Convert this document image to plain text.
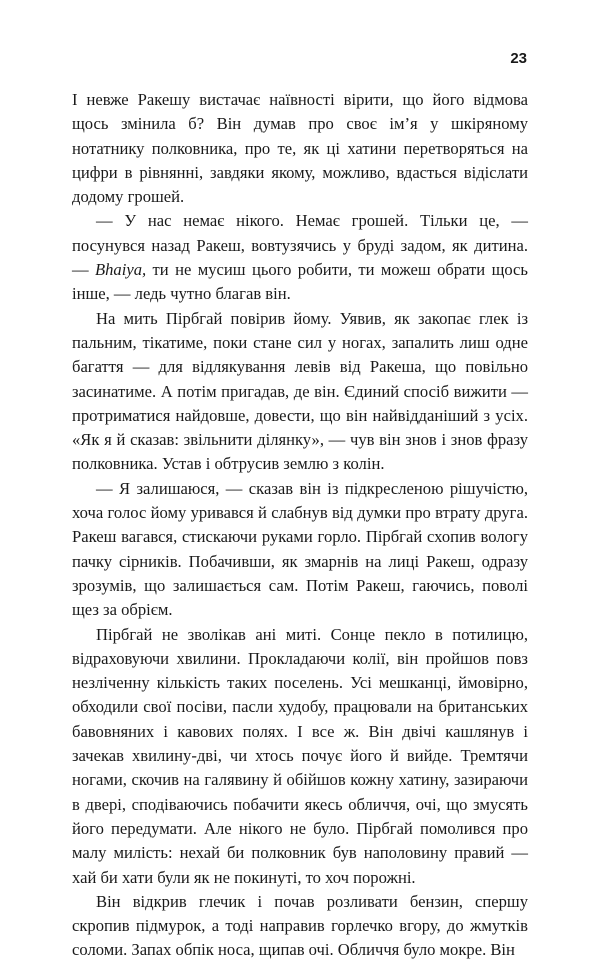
23

І невже Ракешу вистачає наївності вірити, що його відмова щось змінила б? Він думав про своє ім’я у шкіряному нотатнику полковника, про те, як ці хатини перетворяться на цифри в рівнянні, завдяки якому, можливо, вдасться відіслати додому грошей.

— У нас немає нікого. Немає грошей. Тільки це, — посунувся назад Ракеш, вовтузячись у бруді задом, як дитина. — Bhaiya, ти не мусиш цього робити, ти можеш обрати щось інше, — ледь чутно благав він.

На мить Пірбгай повірив йому. Уявив, як закопає глек із пальним, тікатиме, поки стане сил у ногах, запалить лиш одне багаття — для відлякування левів від Ракеша, що повільно засинатиме. А потім пригадав, де він. Єдиний спосіб вижити — протриматися найдовше, довести, що він найвідданіший з усіх. «Як я й сказав: звільнити ділянку», — чув він знов і знов фразу полковника. Устав і обтрусив землю з колін.

— Я залишаюся, — сказав він із підкресленою рішучістю, хоча голос йому уривався й слабнув від думки про втрату друга. Ракеш вагався, стискаючи руками горло. Пірбгай схопив вологу пачку сірників. Побачивши, як змарнів на лиці Ракеш, одразу зрозумів, що залишається сам. Потім Ракеш, гаючись, поволі щез за обрієм.

Пірбгай не зволікав ані миті. Сонце пекло в потилицю, відраховуючи хвилини. Прокладаючи колії, він пройшов повз незліченну кількість таких поселень. Усі мешканці, ймовірно, обходили свої посіви, пасли худобу, працювали на британських бавовняних і кавових полях. І все ж. Він двічі кашлянув і зачекав хвилину-дві, чи хтось почує його й вийде. Тремтячи ногами, скочив на галявину й обійшов кожну хатину, зазираючи в двері, сподіваючись побачити якесь обличчя, очі, що змусять його передумати. Але нікого не було. Пірбгай помолився про малу милість: нехай би полковник був наполовину правий — хай би хати були як не покинуті, то хоч порожні.

Він відкрив глечик і почав розливати бензин, спершу скропив підмурок, а тоді направив горлечко вгору, до жмутків соломи. Запах обпік носа, щипав очі. Обличчя було мокре. Він
